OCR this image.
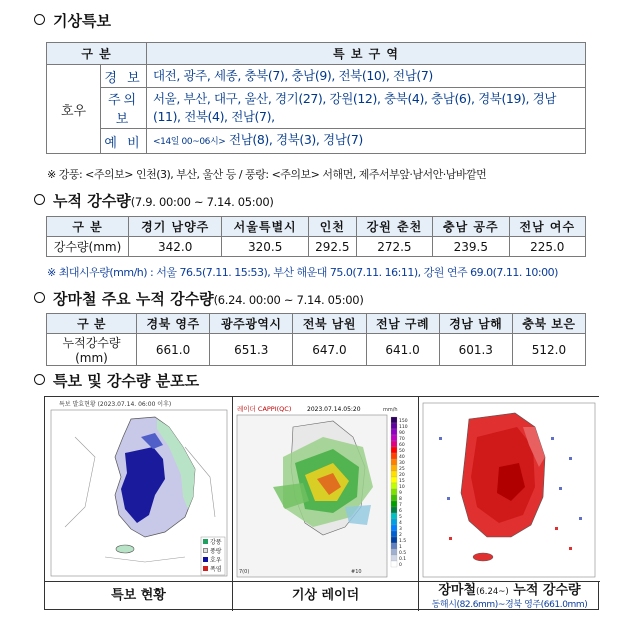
기상특보
구 분		특 보 구 역
호우	경 보	대전, 광주, 세종, 충북(7), 충남(9), 전북(10), 전남(7)
	주의보	서울, 부산, 대구, 울산, 경기(27), 강원(12), 충북(4), 충남(6), 경북(19), 경남(11), 전북(4), 전남(7),
	예 비	<14일 00~06시> 전남(8), 경북(3), 경남(7)
※ 강풍: <주의보> 인천(3), 부산, 울산 등 / 풍랑: <주의보> 서해먼, 제주서부앞·남서안·남바깥먼
누적 강수량(7.9. 00:00 ~ 7.14. 05:00)
구 분	경기 남양주	서울특별시	인천	강원 춘천	충남 공주	전남 여수
강수량(mm)	342.0	320.5	292.5	272.5	239.5	225.0
※ 최대시우량(mm/h) : 서울 76.5(7.11. 15:53), 부산 해운대 75.0(7.11. 16:11), 강원 연주 69.0(7.11. 10:00)
장마철 주요 누적 강수량(6.24. 00:00 ~ 7.14. 05:00)
구 분	경북 영주	광주광역시	전북 남원	전남 구례	경남 남해	충북 보은
누적강수량(mm)	661.0	651.3	647.0	641.0	601.3	512.0
특보 및 강수량 분포도
특보 발효현황 (2023.07.14. 06:00 이후)
강풍
풍랑
호우
폭염
레이더 CAPPI(QC)	2023.07.14.05:20	mm/h
7(0)	#10
150
110
90
70
60
50
40
30
25
20
15
10
9
8
7
6
5
4
3
2
1.5
1
0.5
0.1
0
특보 현황	기상 레이더	장마철(6.24~) 누적 강수량
동해시(82.6mm)~경북 영주(661.0mm)
